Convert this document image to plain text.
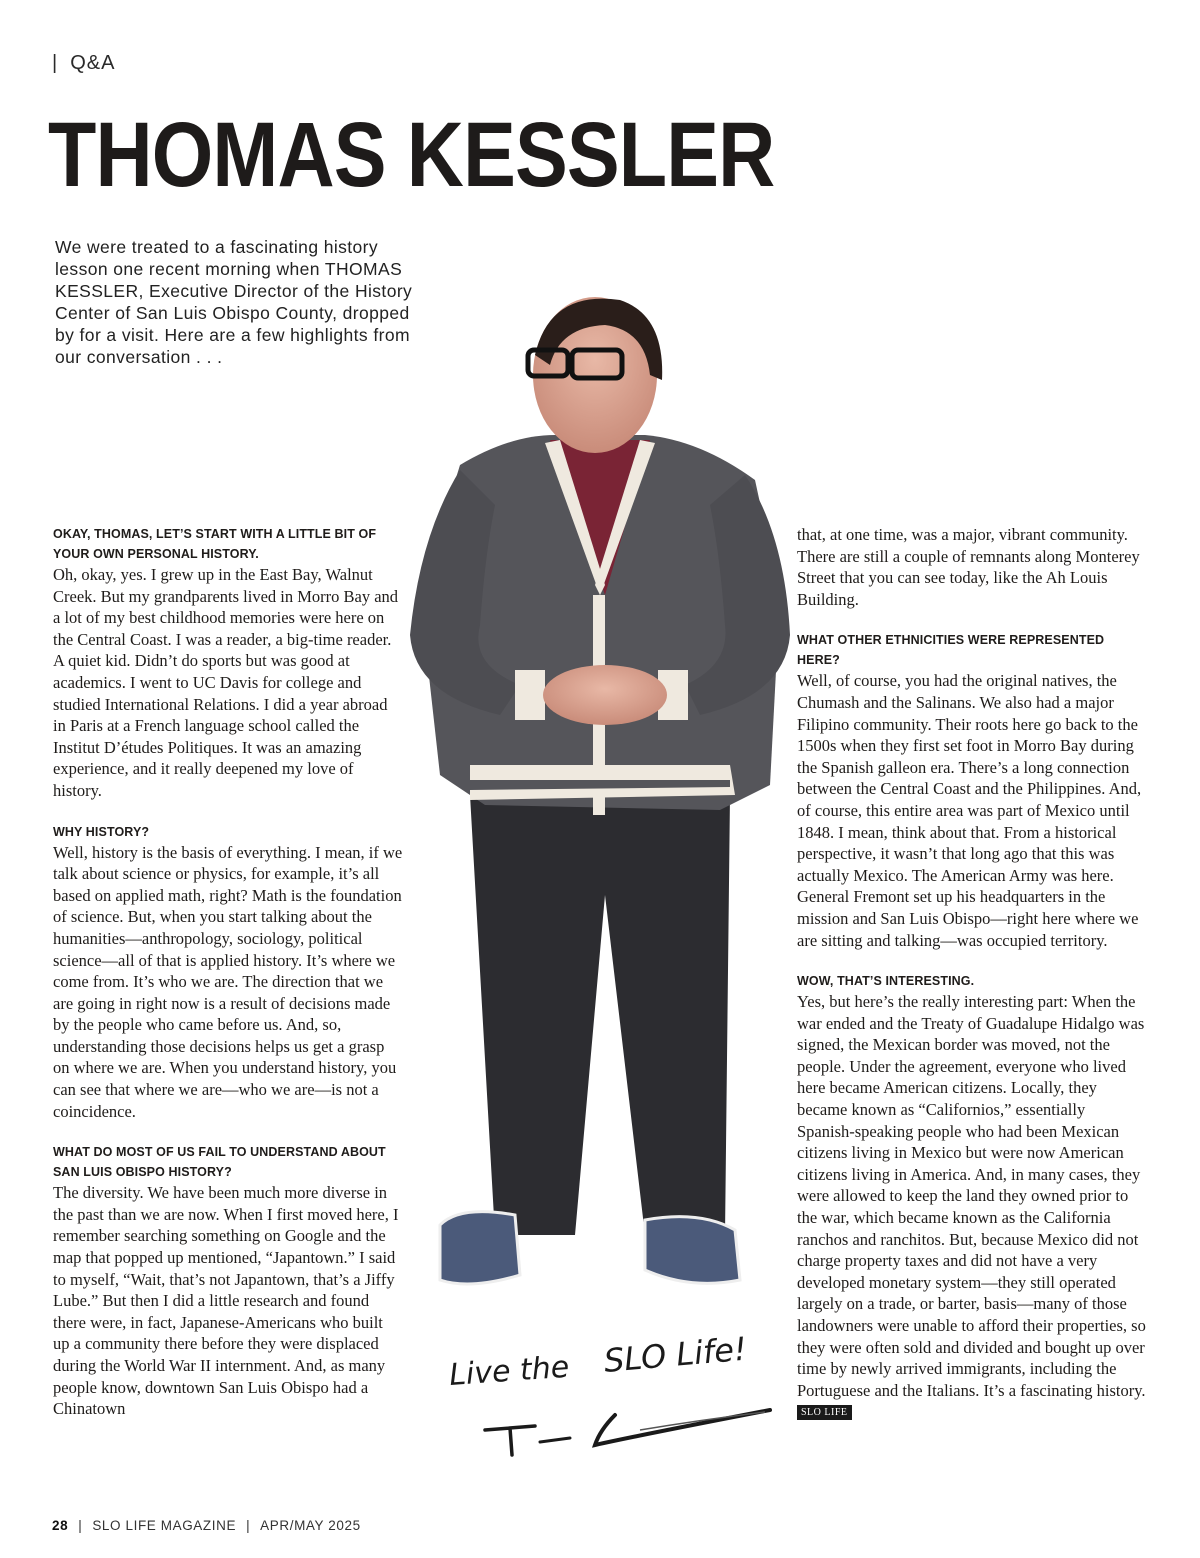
| Q&A
THOMAS KESSLER

We were treated to a fascinating history lesson one recent morning when THOMAS KESSLER, Executive Director of the History Center of San Luis Obispo County, dropped by for a visit. Here are a few highlights from our conversation . . .

OKAY, THOMAS, LET’S START WITH A LITTLE BIT OF YOUR OWN PERSONAL HISTORY.

Oh, okay, yes. I grew up in the East Bay, Walnut Creek. But my grandparents lived in Morro Bay and a lot of my best childhood memories were here on the Central Coast. I was a reader, a big-time reader. A quiet kid. Didn’t do sports but was good at academics. I went to UC Davis for college and studied International Relations. I did a year abroad in Paris at a French language school called the Institut D’études Politiques. It was an amazing experience, and it really deepened my love of history.

WHY HISTORY?

Well, history is the basis of everything. I mean, if we talk about science or physics, for example, it’s all based on applied math, right? Math is the foundation of science. But, when you start talking about the humanities—anthropology, sociology, political science—all of that is applied history. It’s where we come from. It’s who we are. The direction that we are going in right now is a result of decisions made by the people who came before us. And, so, understanding those decisions helps us get a grasp on where we are. When you understand history, you can see that where we are—who we are—is not a coincidence.

WHAT DO MOST OF US FAIL TO UNDERSTAND ABOUT SAN LUIS OBISPO HISTORY?

The diversity. We have been much more diverse in the past than we are now. When I first moved here, I remember searching something on Google and the map that popped up mentioned, “Japantown.” I said to myself, “Wait, that’s not Japantown, that’s a Jiffy Lube.” But then I did a little research and found there were, in fact, Japanese-Americans who built up a community there before they were displaced during the World War II internment. And, as many people know, downtown San Luis Obispo had a Chinatown

that, at one time, was a major, vibrant community. There are still a couple of remnants along Monterey Street that you can see today, like the Ah Louis Building.

WHAT OTHER ETHNICITIES WERE REPRESENTED HERE?

Well, of course, you had the original natives, the Chumash and the Salinans. We also had a major Filipino community. Their roots here go back to the 1500s when they first set foot in Morro Bay during the Spanish galleon era. There’s a long connection between the Central Coast and the Philippines. And, of course, this entire area was part of Mexico until 1848. I mean, think about that. From a historical perspective, it wasn’t that long ago that this was actually Mexico. The American Army was here. General Fremont set up his headquarters in the mission and San Luis Obispo—right here where we are sitting and talking—was occupied territory.

WOW, THAT’S INTERESTING.

Yes, but here’s the really interesting part: When the war ended and the Treaty of Guadalupe Hidalgo was signed, the Mexican border was moved, not the people. Under the agreement, everyone who lived here became American citizens. Locally, they became known as “Californios,” essentially Spanish-speaking people who had been Mexican citizens living in Mexico but were now American citizens living in America. And, in many cases, they were allowed to keep the land they owned prior to the war, which became known as the California ranchos and ranchitos. But, because Mexico did not charge property taxes and did not have a very developed monetary system—they still operated largely on a trade, or barter, basis—many of those landowners were unable to afford their properties, so they were often sold and divided and bought up over time by newly arrived immigrants, including the Portuguese and the Italians. It’s a fascinating history. SLO LIFE

Live the SLO Life!
28 | SLO LIFE MAGAZINE | APR/MAY 2025
